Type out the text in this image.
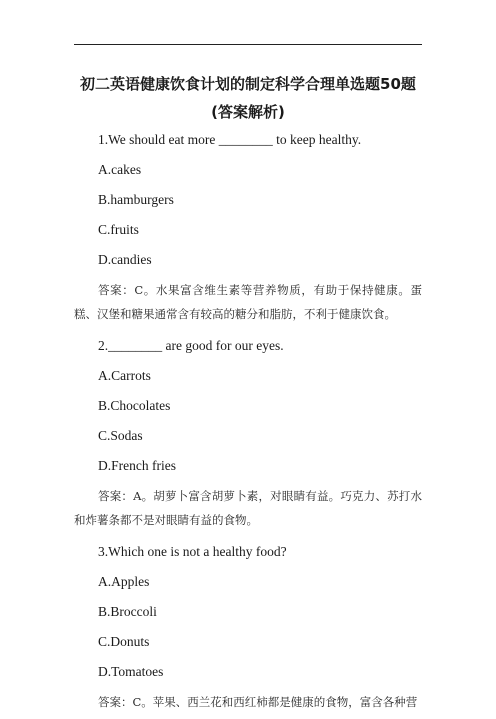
初二英语健康饮食计划的制定科学合理单选题50题(答案解析)
1.We should eat more ________ to keep healthy.
A.cakes
B.hamburgers
C.fruits
D.candies
答案：C。水果富含维生素等营养物质，有助于保持健康。蛋糕、汉堡和糖果通常含有较高的糖分和脂肪，不利于健康饮食。
2.________ are good for our eyes.
A.Carrots
B.Chocolates
C.Sodas
D.French fries
答案：A。胡萝卜富含胡萝卜素，对眼睛有益。巧克力、苏打水和炸薯条都不是对眼睛有益的食物。
3.Which one is not a healthy food?
A.Apples
B.Broccoli
C.Donuts
D.Tomatoes
答案：C。苹果、西兰花和西红柿都是健康的食物，富含各种营
